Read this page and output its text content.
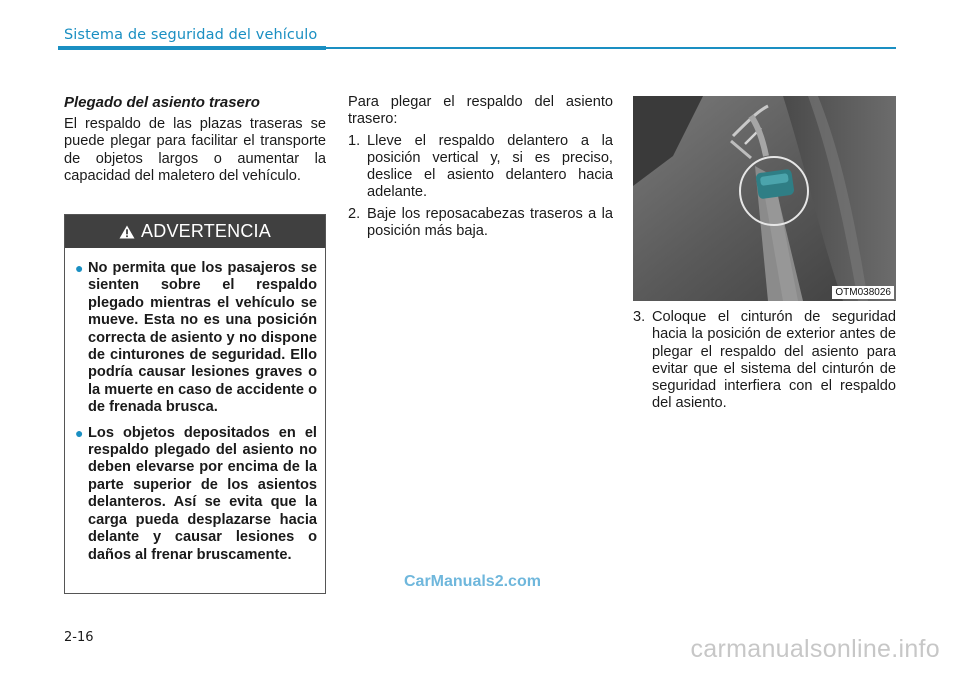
Sistema de seguridad del vehículo
Plegado del asiento trasero

El respaldo de las plazas traseras se puede plegar para facilitar el transporte de objetos largos o aumentar la capacidad del maletero del vehículo.

ADVERTENCIA
● No permita que los pasajeros se sienten sobre el respaldo plegado mientras el vehículo se mueve. Esta no es una posición correcta de asiento y no dispone de cinturones de seguridad. Ello podría causar lesiones graves o la muerte en caso de accidente o de frenada brusca.
● Los objetos depositados en el respaldo plegado del asiento no deben elevarse por encima de la parte superior de los asientos delanteros. Así se evita que la carga pueda desplazarse hacia delante y causar lesiones o daños al frenar bruscamente.

Para plegar el respaldo del asiento trasero:

1. Lleve el respaldo delantero a la posición vertical y, si es preciso, deslice el asiento delantero hacia adelante.
2. Baje los reposacabezas traseros a la posición más baja.
OTM038026
3. Coloque el cinturón de seguridad hacia la posición de exterior antes de plegar el respaldo del asiento para evitar que el sistema del cinturón de seguridad interfiera con el respaldo del asiento.
CarManuals2.com
2-16	carmanualsonline.info
